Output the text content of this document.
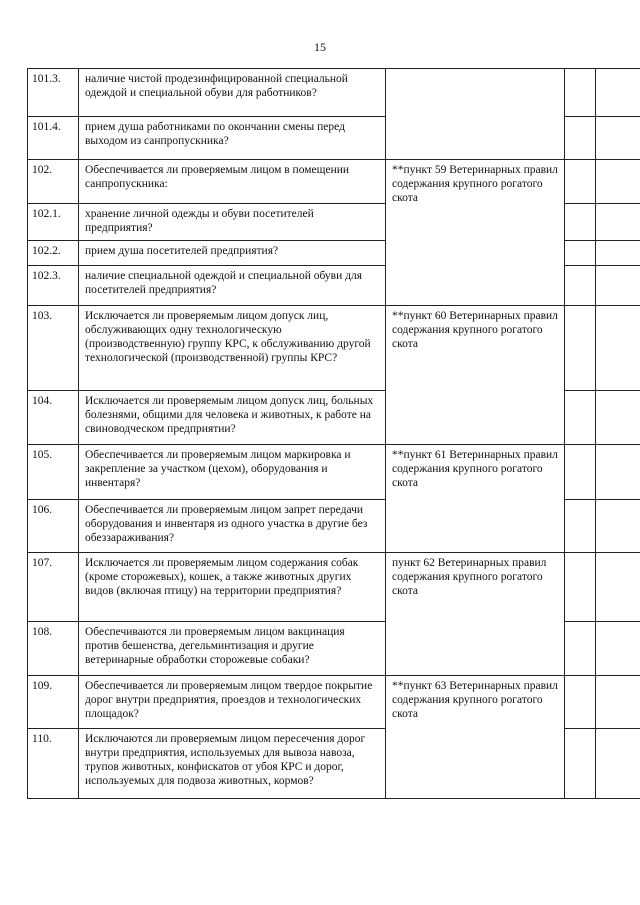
15
101.3.	наличие чистой продезинфицированной специальной одеждой и специальной обуви для работников?			
101.4.	прием душа работниками по окончании смены перед выходом из санпропускника?			
102.	Обеспечивается ли проверяемым лицом в помещении санпропускника:	**пункт 59 Ветеринарных правил содержания крупного рогатого скота		
102.1.	хранение личной одежды и обуви посетителей предприятия?			
102.2.	прием душа посетителей предприятия?			
102.3.	наличие специальной одеждой и специальной обуви для посетителей предприятия?			
103.	Исключается ли проверяемым лицом допуск лиц, обслуживающих одну технологическую (производственную) группу КРС, к обслуживанию другой технологической (производственной) группы КРС?	**пункт 60 Ветеринарных правил содержания крупного рогатого скота		
104.	Исключается ли проверяемым лицом допуск лиц, больных болезнями, общими для человека и животных, к работе на свиноводческом предприятии?			
105.	Обеспечивается ли проверяемым лицом маркировка и закрепление за участком (цехом), оборудования и инвентаря?	**пункт 61 Ветеринарных правил содержания крупного рогатого скота		
106.	Обеспечивается ли проверяемым лицом запрет передачи оборудования и инвентаря из одного участка в другие без обеззараживания?			
107.	Исключается ли проверяемым лицом содержания собак (кроме сторожевых), кошек, а также животных других видов (включая птицу) на территории предприятия?	пункт 62 Ветеринарных правил содержания крупного рогатого скота		
108.	Обеспечиваются ли проверяемым лицом вакцинация против бешенства, дегельминтизация и другие ветеринарные обработки сторожевые собаки?			
109.	Обеспечивается ли проверяемым лицом твердое покрытие дорог внутри предприятия, проездов и технологических площадок?	**пункт 63 Ветеринарных правил содержания крупного рогатого скота		
110.	Исключаются ли проверяемым лицом пересечения дорог внутри предприятия, используемых для вывоза навоза, трупов животных, конфискатов от убоя КРС и дорог, используемых для подвоза животных, кормов?			
